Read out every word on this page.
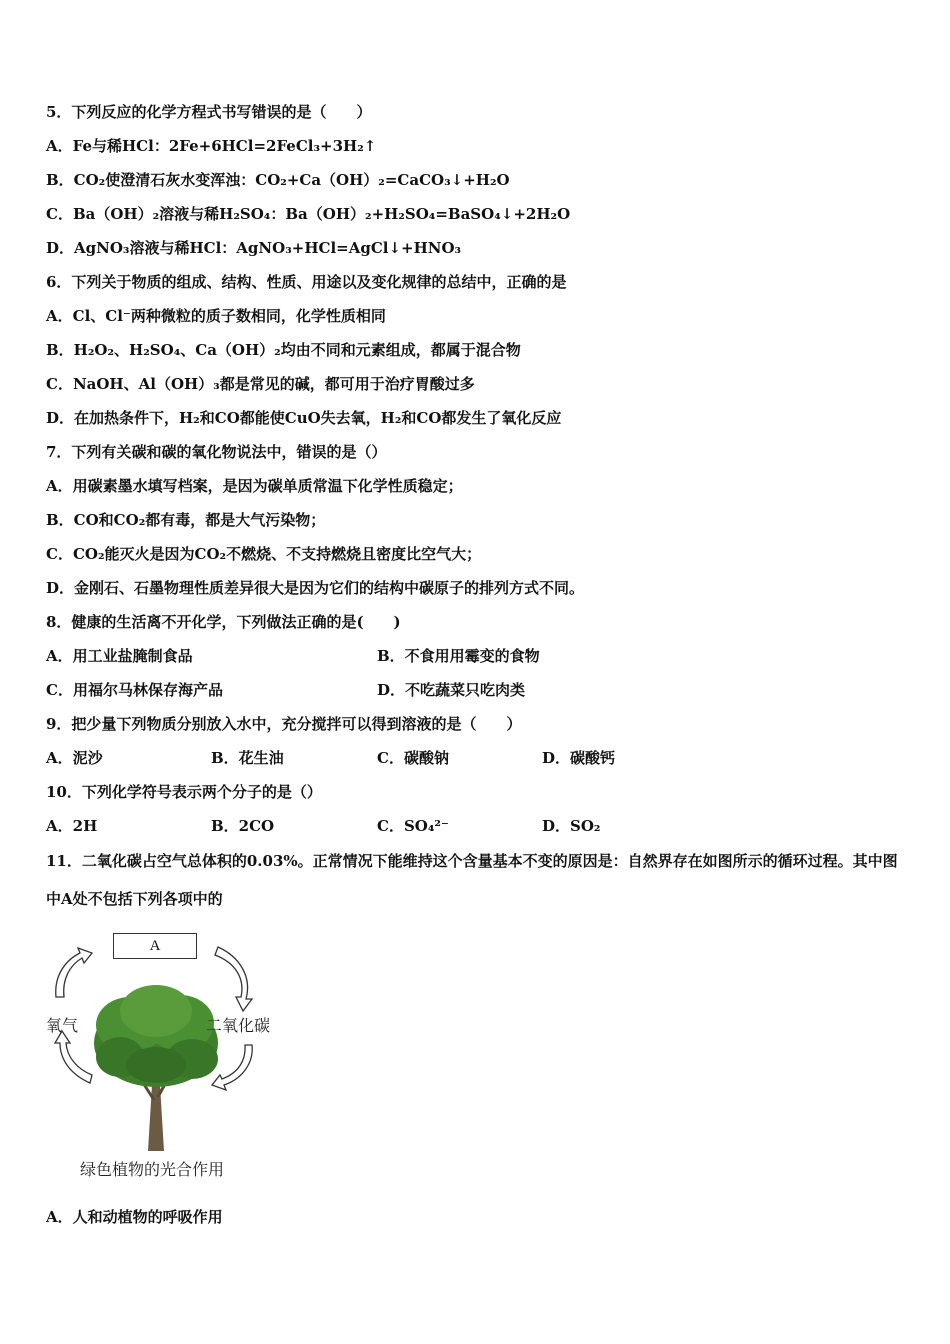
5．下列反应的化学方程式书写错误的是（　　）
A．Fe与稀HCl：2Fe+6HCl=2FeCl₃+3H₂↑
B．CO₂使澄清石灰水变浑浊：CO₂+Ca（OH）₂=CaCO₃↓+H₂O
C．Ba（OH）₂溶液与稀H₂SO₄：Ba（OH）₂+H₂SO₄=BaSO₄↓+2H₂O
D．AgNO₃溶液与稀HCl：AgNO₃+HCl=AgCl↓+HNO₃
6．下列关于物质的组成、结构、性质、用途以及变化规律的总结中，正确的是
A．Cl、Cl⁻两种微粒的质子数相同，化学性质相同
B．H₂O₂、H₂SO₄、Ca（OH）₂均由不同和元素组成，都属于混合物
C．NaOH、Al（OH）₃都是常见的碱，都可用于治疗胃酸过多
D．在加热条件下，H₂和CO都能使CuO失去氧，H₂和CO都发生了氧化反应
7．下列有关碳和碳的氧化物说法中，错误的是（）
A．用碳素墨水填写档案，是因为碳单质常温下化学性质稳定；
B．CO和CO₂都有毒，都是大气污染物；
C．CO₂能灭火是因为CO₂不燃烧、不支持燃烧且密度比空气大；
D．金刚石、石墨物理性质差异很大是因为它们的结构中碳原子的排列方式不同。
8．健康的生活离不开化学，下列做法正确的是(　　)
A．用工业盐腌制食品	B．不食用用霉变的食物
C．用福尔马林保存海产品	D．不吃蔬菜只吃肉类
9．把少量下列物质分别放入水中，充分搅拌可以得到溶液的是（　　）
A．泥沙	B．花生油	C．碳酸钠	D．碳酸钙
10．下列化学符号表示两个分子的是（）
A．2H	B．2CO	C．SO₄²⁻	D．SO₂
11．二氧化碳占空气总体积的0.03%。正常情况下能维持这个含量基本不变的原因是：自然界存在如图所示的循环过程。其中图中A处不包括下列各项中的
A
氧气	二氧化碳
绿色植物的光合作用
A．人和动植物的呼吸作用
